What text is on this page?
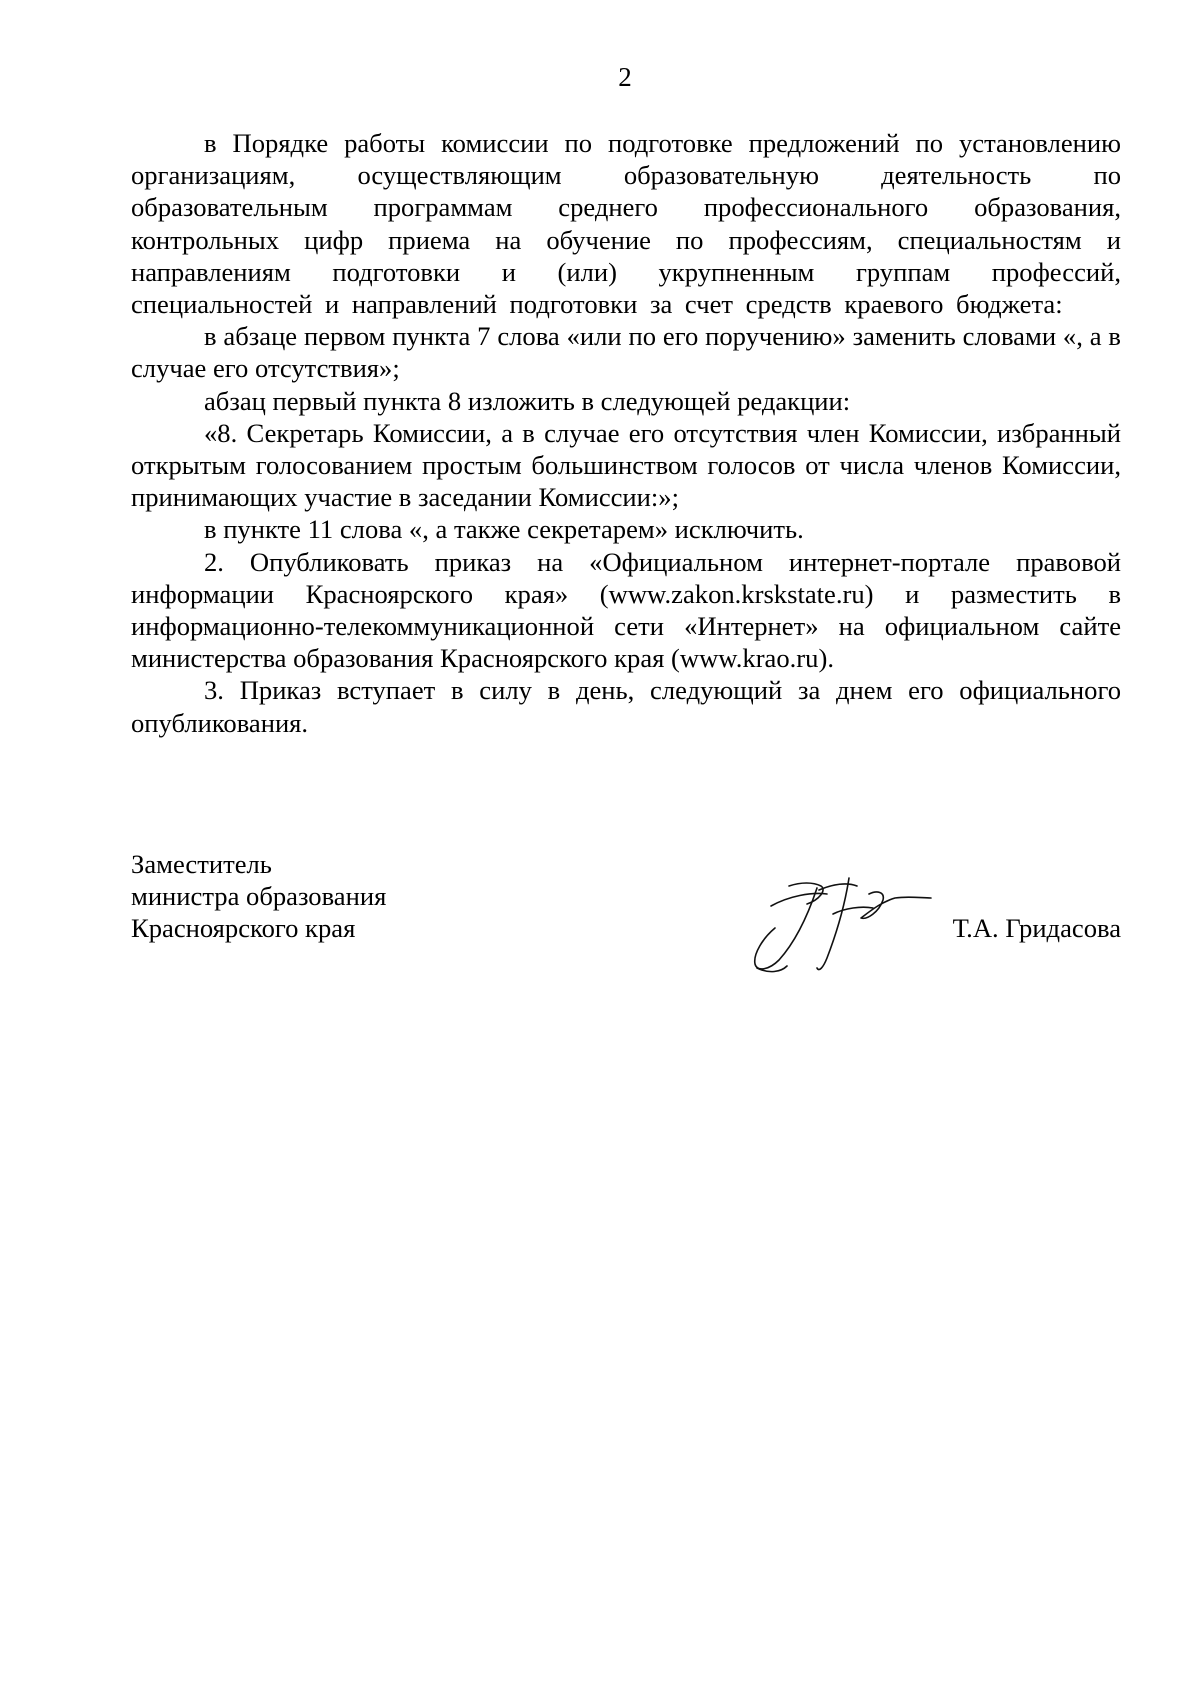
2

в Порядке работы комиссии по подготовке предложений по установлению организациям, осуществляющим образовательную деятельность по образовательным программам среднего профессионального образования, контрольных цифр приема на обучение по профессиям, специальностям и направлениям подготовки и (или) укрупненным группам профессий, специальностей и направлений подготовки за счет средств краевого бюджета:

в абзаце первом пункта 7 слова «или по его поручению» заменить словами «, а в случае его отсутствия»;

абзац первый пункта 8 изложить в следующей редакции:

«8. Секретарь Комиссии, а в случае его отсутствия член Комиссии, избранный открытым голосованием простым большинством голосов от числа членов Комиссии, принимающих участие в заседании Комиссии:»;

в пункте 11 слова «, а также секретарем» исключить.

2. Опубликовать приказ на «Официальном интернет-портале правовой информации Красноярского края» (www.zakon.krskstate.ru) и разместить в информационно-телекоммуникационной сети «Интернет» на официальном сайте министерства образования Красноярского края (www.krao.ru).

3. Приказ вступает в силу в день, следующий за днем его официального опубликования.

Заместитель
министра образования
Красноярского края	Т.А. Гридасова
